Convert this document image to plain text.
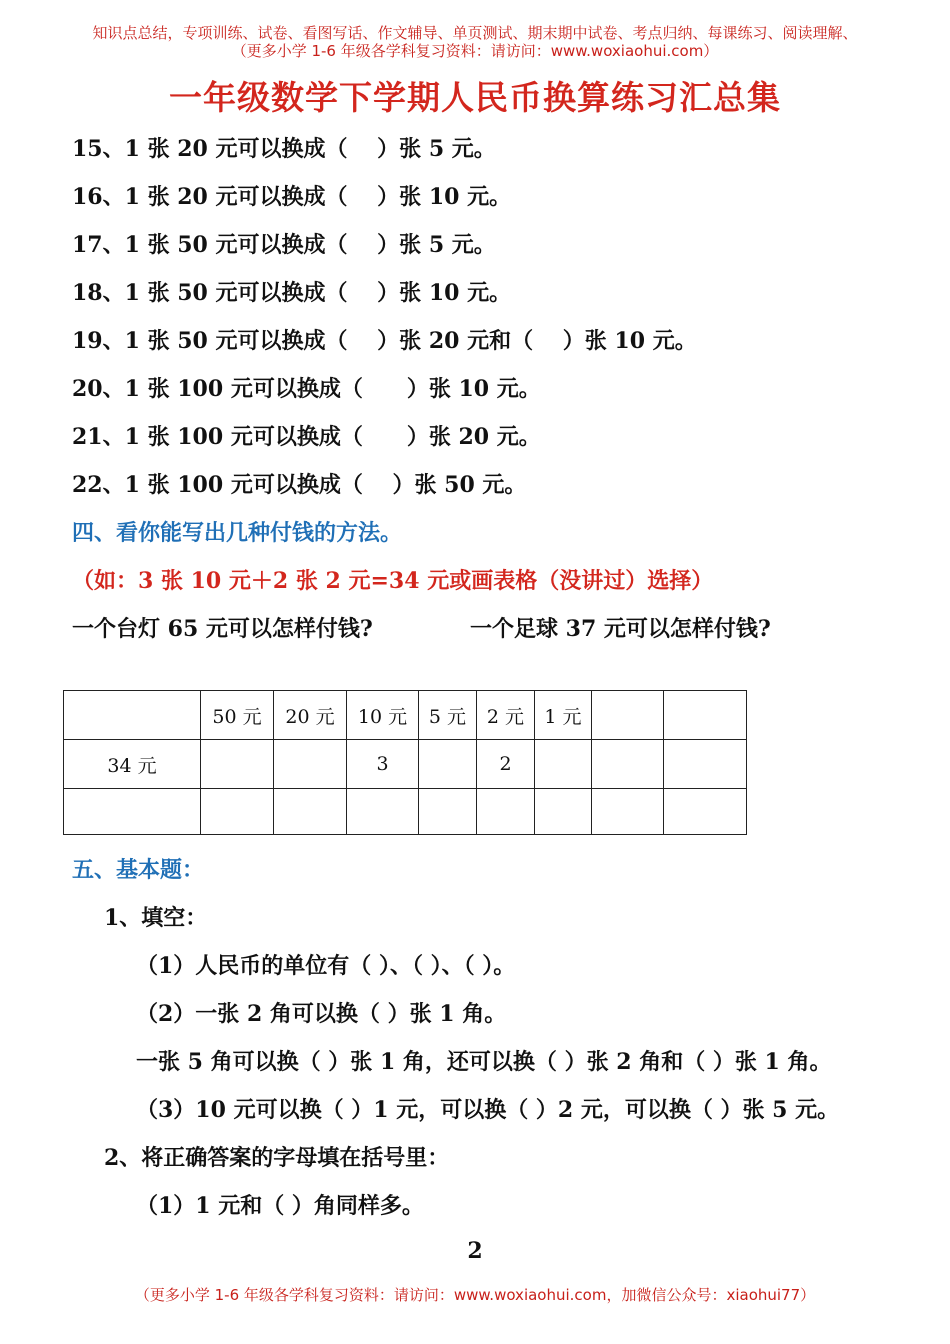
知识点总结，专项训练、试卷、看图写话、作文辅导、单页测试、期末期中试卷、考点归纳、每课练习、阅读理解、
（更多小学 1-6 年级各学科复习资料：请访问：www.woxiaohui.com）
一年级数学下学期人民币换算练习汇总集
15、1 张 20 元可以换成（　 ）张 5 元。
16、1 张 20 元可以换成（　 ）张 10 元。
17、1 张 50 元可以换成（　 ）张 5 元。
18、1 张 50 元可以换成（　 ）张 10 元。
19、1 张 50 元可以换成（　 ）张 20 元和（　 ）张 10 元。
20、1 张 100 元可以换成（　　）张 10 元。
21、1 张 100 元可以换成（　　）张 20 元。
22、1 张 100 元可以换成（　 ）张 50 元。
四、看你能写出几种付钱的方法。
（如：3 张 10 元＋2 张 2 元=34 元或画表格（没讲过）选择）
一个台灯 65 元可以怎样付钱?	一个足球 37 元可以怎样付钱?
	50 元	20 元	10 元	5 元	2 元	1 元		
34 元			3		2			

五、基本题：
1、填空：
（1）人民币的单位有（ ）、（ ）、（ ）。
（2）一张 2 角可以换（ ）张 1 角。
一张 5 角可以换（ ）张 1 角，还可以换（ ）张 2 角和（ ）张 1 角。
（3）10 元可以换（ ）1 元，可以换（ ）2 元，可以换（ ）张 5 元。
2、将正确答案的字母填在括号里：
（1）1 元和（ ）角同样多。
2
（更多小学 1-6 年级各学科复习资料：请访问：www.woxiaohui.com，加微信公众号：xiaohui77）
